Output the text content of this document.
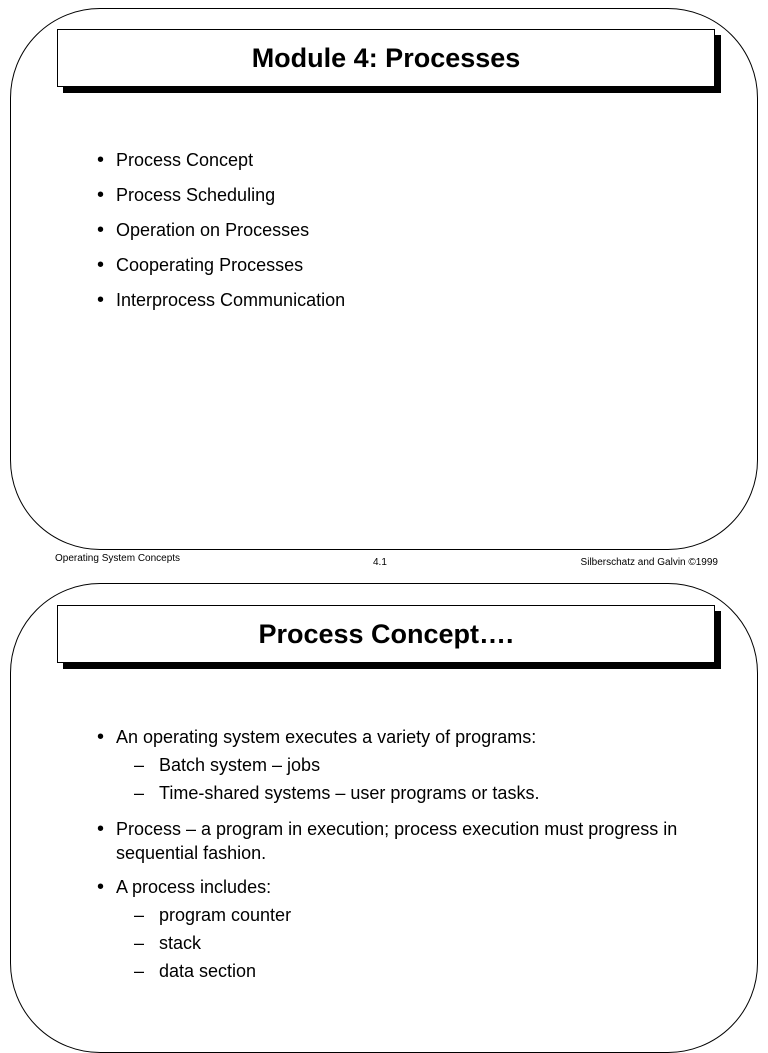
Module 4: Processes
• Process Concept
• Process Scheduling
• Operation on Processes
• Cooperating Processes
• Interprocess Communication
Operating System Concepts	4.1	Silberschatz and Galvin ©1999
Process Concept….
• An operating system executes a variety of programs:
– Batch system – jobs
– Time-shared systems – user programs or tasks.
• Process – a program in execution; process execution must progress in sequential fashion.
• A process includes:
– program counter
– stack
– data section
